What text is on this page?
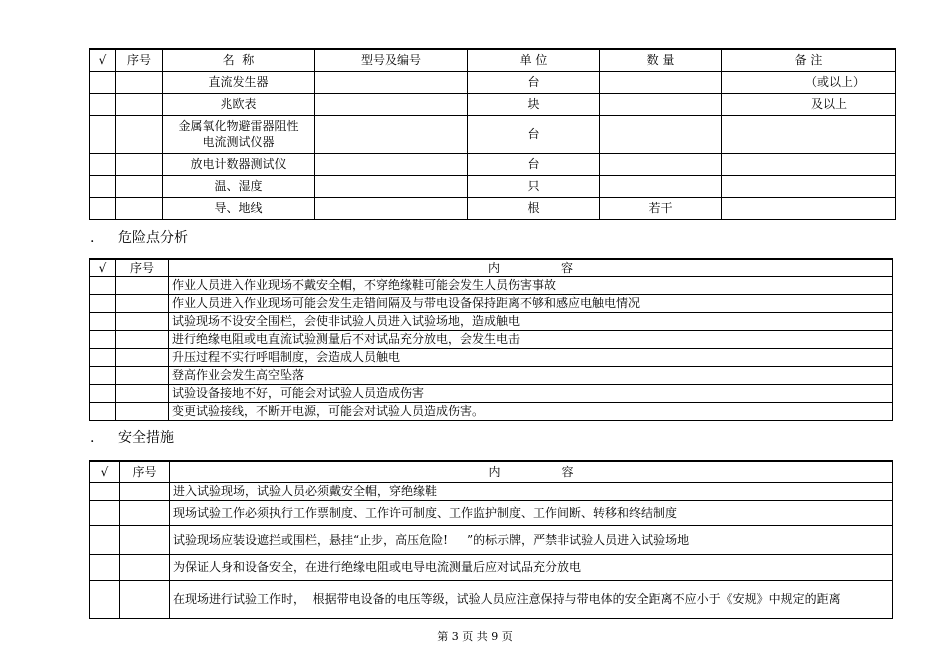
√	序号	名  称	型号及编号	单 位	数 量	备 注
		直流发生器		台		（或以上）
		兆欧表		块		及以上
		金属氧化物避雷器阻性电流测试仪器		台		
		放电计数器测试仪		台		
		温、湿度		只		
		导、地线		根	若干	
. 危险点分析
√	序号	内                容
		作业人员进入作业现场不戴安全帽，不穿绝缘鞋可能会发生人员伤害事故
		作业人员进入作业现场可能会发生走错间隔及与带电设备保持距离不够和感应电触电情况
		试验现场不设安全围栏，会使非试验人员进入试验场地，造成触电
		进行绝缘电阻或电直流试验测量后不对试品充分放电，会发生电击
		升压过程不实行呼唱制度，会造成人员触电
		登高作业会发生高空坠落
		试验设备接地不好，可能会对试验人员造成伤害
		变更试验接线，不断开电源，可能会对试验人员造成伤害。
. 安全措施
√	序号	内                容
		进入试验现场，试验人员必须戴安全帽，穿绝缘鞋
		现场试验工作必须执行工作票制度、工作许可制度、工作监护制度、工作间断、转移和终结制度
		试验现场应装设遮拦或围栏，悬挂“止步，高压危险!     ”的标示牌，严禁非试验人员进入试验场地
		为保证人身和设备安全，在进行绝缘电阻或电导电流测量后应对试品充分放电
		在现场进行试验工作时，  根据带电设备的电压等级，试验人员应注意保持与带电体的安全距离不应小于《安规》中规定的距离
第 3 页 共 9 页
